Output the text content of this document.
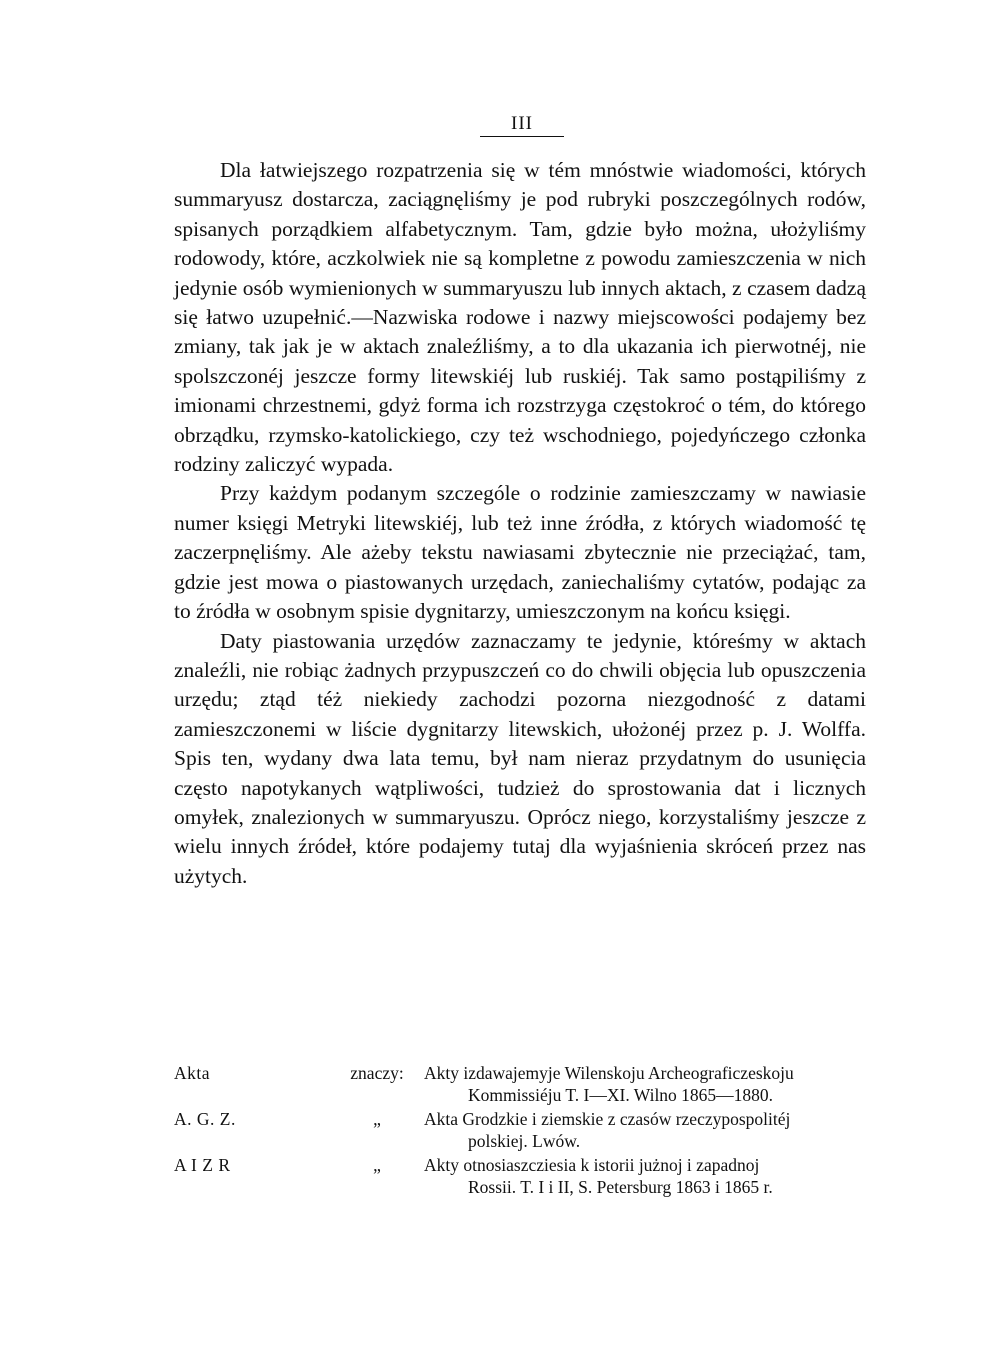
III

Dla łatwiejszego rozpatrzenia się w tém mnóstwie wiadomości, których summaryusz dostarcza, zaciągnęliśmy je pod rubryki poszczególnych rodów, spisanych porządkiem alfabetycznym. Tam, gdzie było można, ułożyliśmy rodowody, które, aczkolwiek nie są kompletne z powodu zamieszczenia w nich jedynie osób wymienionych w summaryuszu lub innych aktach, z czasem dadzą się łatwo uzupełnić.—Nazwiska rodowe i nazwy miejscowości podajemy bez zmiany, tak jak je w aktach znaleźliśmy, a to dla ukazania ich pierwotnéj, nie spolszczonéj jeszcze formy litewskiéj lub ruskiéj. Tak samo postąpiliśmy z imionami chrzestnemi, gdyż forma ich rozstrzyga częstokroć o tém, do którego obrządku, rzymsko-katolickiego, czy też wschodniego, pojedyńczego członka rodziny zaliczyć wypada.

Przy każdym podanym szczególe o rodzinie zamieszczamy w nawiasie numer księgi Metryki litewskiéj, lub też inne źródła, z których wiadomość tę zaczerpnęliśmy. Ale ażeby tekstu nawiasami zbytecznie nie przeciążać, tam, gdzie jest mowa o piastowanych urzędach, zaniechaliśmy cytatów, podając za to źródła w osobnym spisie dygnitarzy, umieszczonym na końcu księgi.

Daty piastowania urzędów zaznaczamy te jedynie, któreśmy w aktach znaleźli, nie robiąc żadnych przypuszczeń co do chwili objęcia lub opuszczenia urzędu; ztąd téż niekiedy zachodzi pozorna niezgodność z datami zamieszczonemi w liście dygnitarzy litewskich, ułożonéj przez p. J. Wolffa. Spis ten, wydany dwa lata temu, był nam nieraz przydatnym do usunięcia często napotykanych wątpliwości, tudzież do sprostowania dat i licznych omyłek, znalezionych w summaryuszu. Oprócz niego, korzystaliśmy jeszcze z wielu innych źródeł, które podajemy tutaj dla wyjaśnienia skróceń przez nas użytych.

Akta	znaczy:	Akty izdawajemyje Wilenskoju Archeograficzeskoju
Kommissiéju T. I—XI. Wilno 1865—1880.
A. G. Z.	„	Akta Grodzkie i ziemskie z czasów rzeczypospolitéj
polskiej. Lwów.
A I Z R	„	Akty otnosiaszcziesia k istorii jużnoj i zapadnoj
Rossii. T. I i II, S. Petersburg 1863 i 1865 r.
